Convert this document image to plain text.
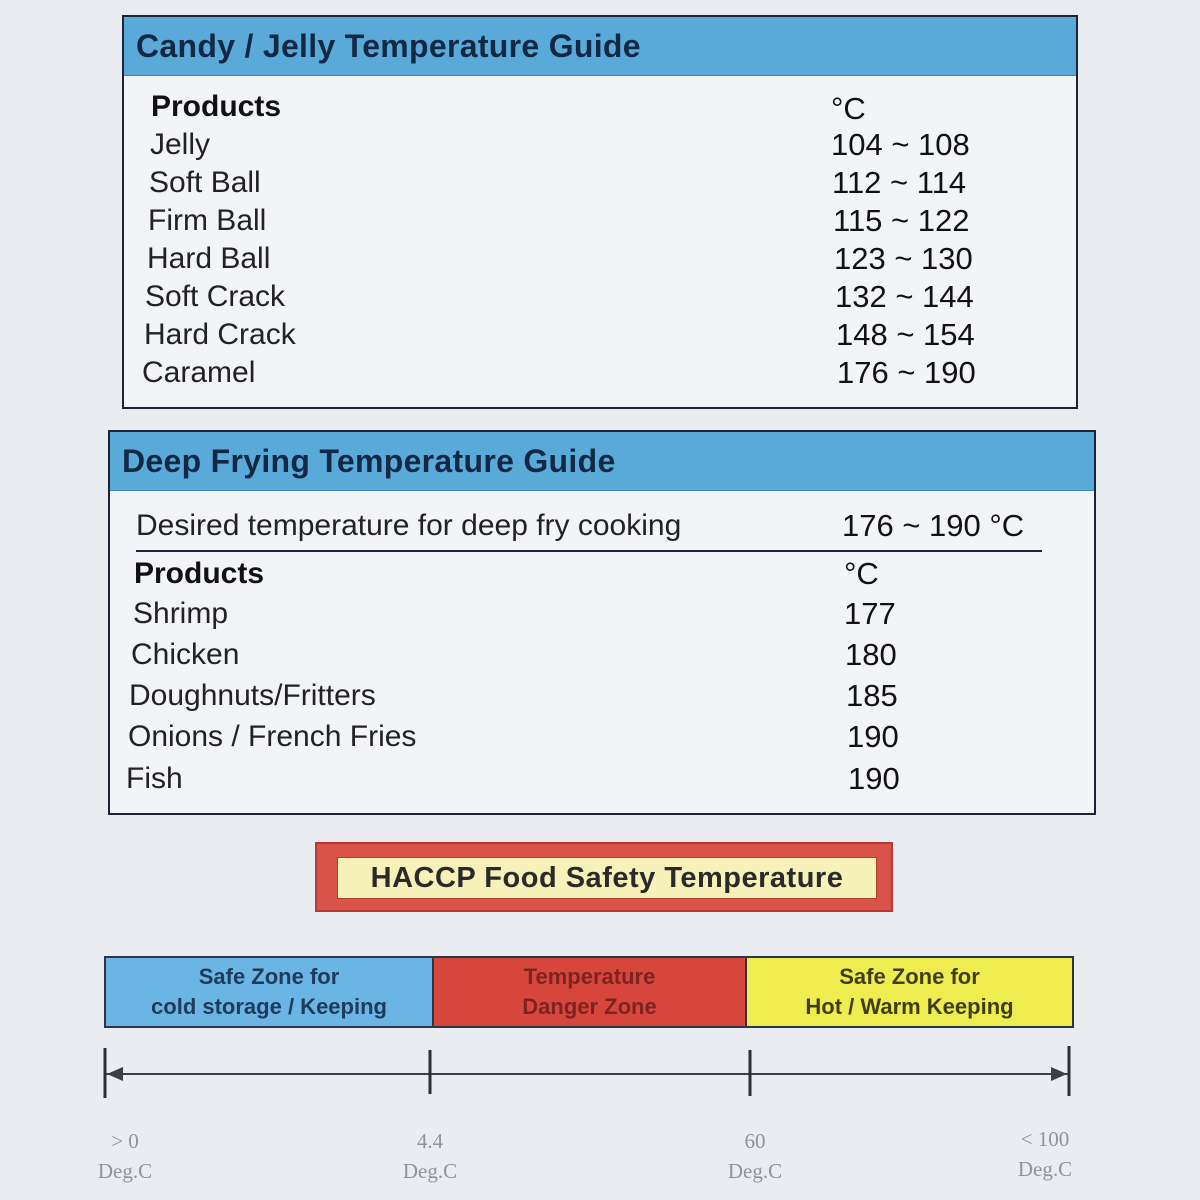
Candy / Jelly Temperature Guide
Products	°C
Jelly	104 ~ 108
Soft Ball	112 ~ 114
Firm Ball	115 ~ 122
Hard Ball	123 ~ 130
Soft Crack	132 ~ 144
Hard Crack	148 ~ 154
Caramel	176 ~ 190
Deep Frying Temperature Guide
Desired temperature for deep fry cooking	176 ~ 190 °C
Products	°C
Shrimp	177
Chicken	180
Doughnuts/Fritters	185
Onions / French Fries	190
Fish	190
HACCP Food Safety Temperature
Safe Zone for
cold storage / Keeping
Temperature
Danger Zone
Safe Zone for
Hot / Warm Keeping
> 0
Deg.C
4.4
Deg.C
60
Deg.C
< 100
Deg.C
